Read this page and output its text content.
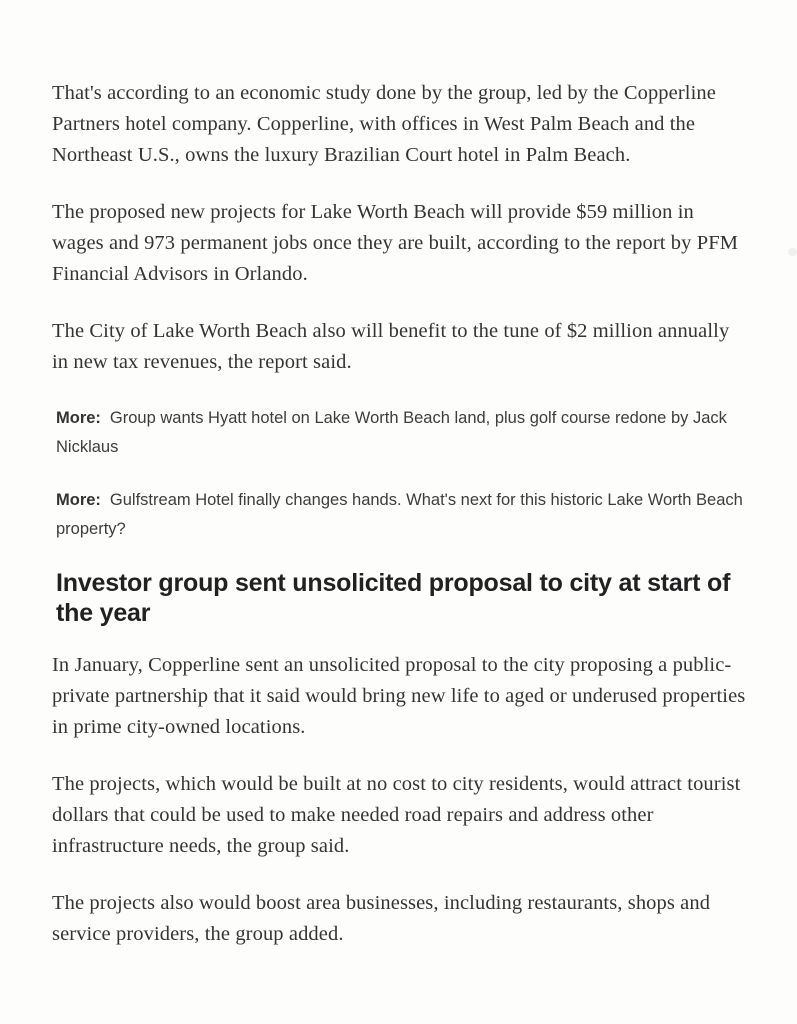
That's according to an economic study done by the group, led by the Copperline Partners hotel company. Copperline, with offices in West Palm Beach and the Northeast U.S., owns the luxury Brazilian Court hotel in Palm Beach.

The proposed new projects for Lake Worth Beach will provide $59 million in wages and 973 permanent jobs once they are built, according to the report by PFM Financial Advisors in Orlando.

The City of Lake Worth Beach also will benefit to the tune of $2 million annually in new tax revenues, the report said.

More: Group wants Hyatt hotel on Lake Worth Beach land, plus golf course redone by Jack Nicklaus

More: Gulfstream Hotel finally changes hands. What's next for this historic Lake Worth Beach property?

Investor group sent unsolicited proposal to city at start of the year

In January, Copperline sent an unsolicited proposal to the city proposing a public-private partnership that it said would bring new life to aged or underused properties in prime city-owned locations.

The projects, which would be built at no cost to city residents, would attract tourist dollars that could be used to make needed road repairs and address other infrastructure needs, the group said.

The projects also would boost area businesses, including restaurants, shops and service providers, the group added.
